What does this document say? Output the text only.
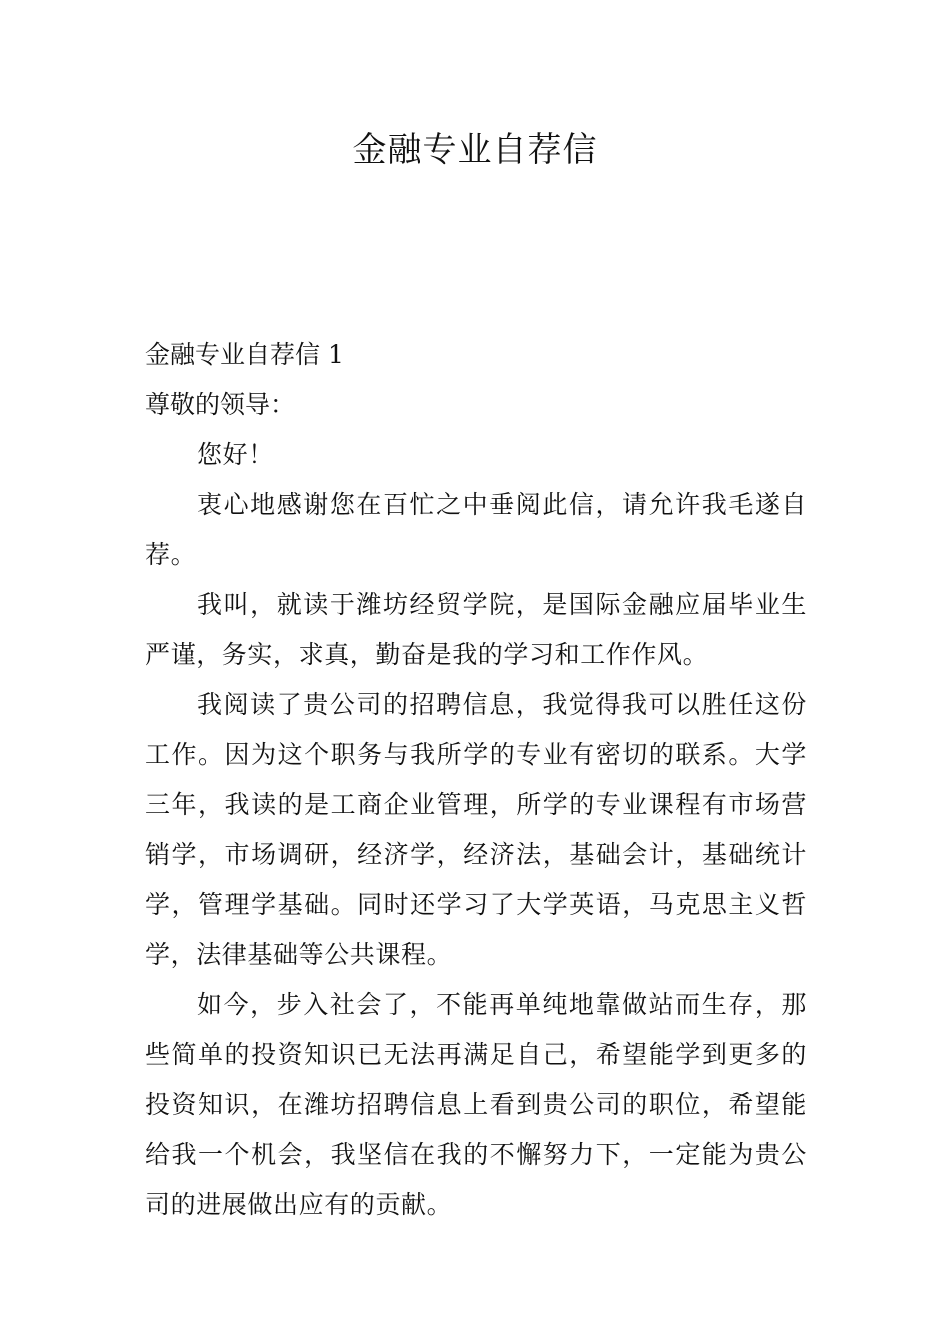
金融专业自荐信

金融专业自荐信 1

尊敬的领导：

您好！

衷心地感谢您在百忙之中垂阅此信，请允许我毛遂自荐。

我叫，就读于潍坊经贸学院，是国际金融应届毕业生严谨，务实，求真，勤奋是我的学习和工作作风。

我阅读了贵公司的招聘信息，我觉得我可以胜任这份工作。因为这个职务与我所学的专业有密切的联系。大学三年，我读的是工商企业管理，所学的专业课程有市场营销学，市场调研，经济学，经济法，基础会计，基础统计学，管理学基础。同时还学习了大学英语，马克思主义哲学，法律基础等公共课程。

如今，步入社会了，不能再单纯地靠做站而生存，那些简单的投资知识已无法再满足自己，希望能学到更多的投资知识，在潍坊招聘信息上看到贵公司的职位，希望能给我一个机会，我坚信在我的不懈努力下，一定能为贵公司的进展做出应有的贡献。
